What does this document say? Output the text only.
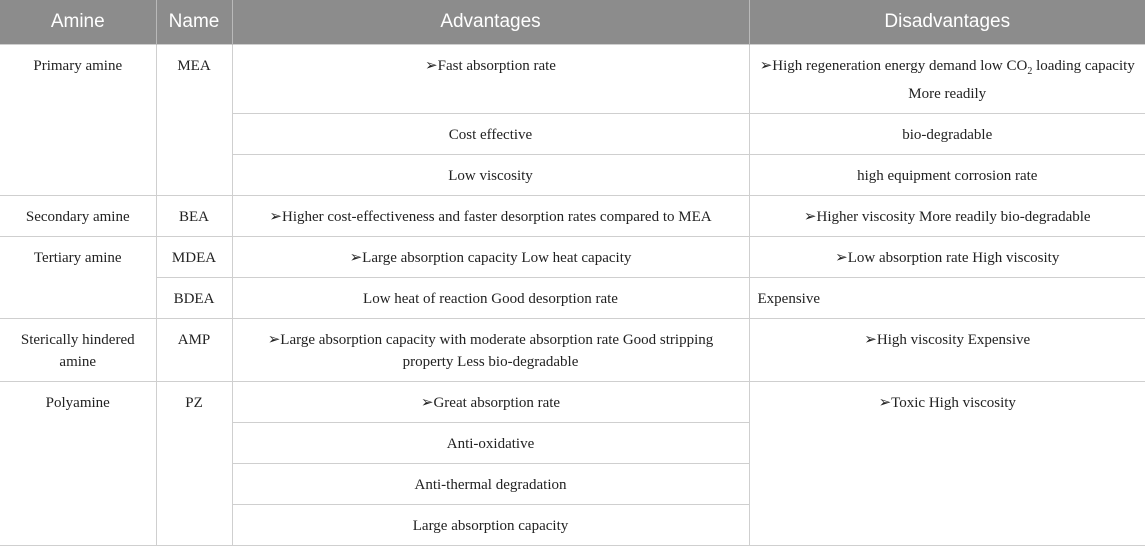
Amine	Name	Advantages	Disadvantages
Primary amine	MEA	➢Fast absorption rate	➢High regeneration energy demand low $CO_2$ loading capacity More readily
		Cost effective	bio-degradable
		Low viscosity	high equipment corrosion rate
Secondary amine	BEA	➢Higher cost-effectiveness and faster desorption rates compared to MEA	➢Higher viscosity More readily bio-degradable
Tertiary amine	MDEA	➢Large absorption capacity Low heat capacity	➢Low absorption rate High viscosity
	BDEA	Low heat of reaction Good desorption rate	Expensive
Sterically hindered amine	AMP	➢Large absorption capacity with moderate absorption rate Good stripping property Less bio-degradable	➢High viscosity Expensive
Polyamine	PZ	➢Great absorption rate	➢Toxic High viscosity
		Anti-oxidative	
		Anti-thermal degradation	
		Large absorption capacity	
